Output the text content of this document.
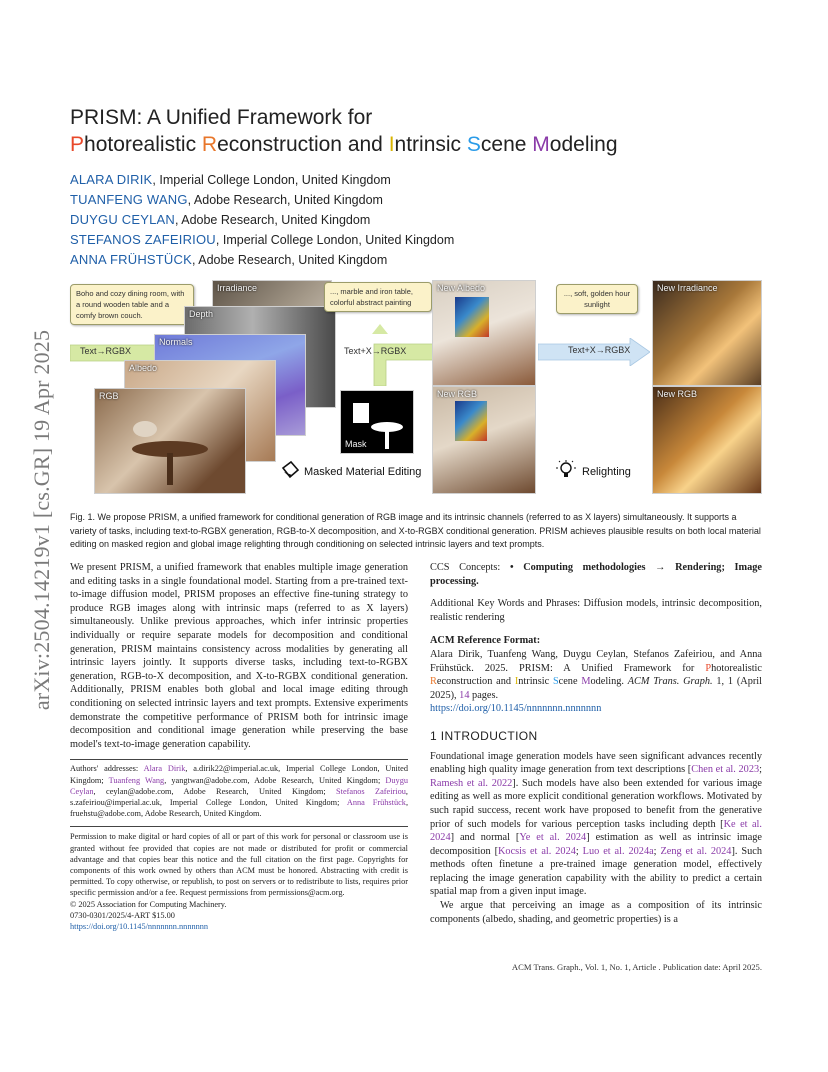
arXiv:2504.14219v1 [cs.GR] 19 Apr 2025
PRISM: A Unified Framework for
Photorealistic Reconstruction and Intrinsic Scene Modeling
ALARA DIRIK, Imperial College London, United Kingdom
TUANFENG WANG, Adobe Research, United Kingdom
DUYGU CEYLAN, Adobe Research, United Kingdom
STEFANOS ZAFEIRIOU, Imperial College London, United Kingdom
ANNA FRÜHSTÜCK, Adobe Research, United Kingdom
Boho and cozy dining room, with a round wooden table and a comfy brown couch.
Text→RGBX
Irradiance
Depth
Normals
Albedo
RGB
..., marble and iron table, colorful abstract painting
Text+X→RGBX
Mask
New Albedo
New RGB
..., soft, golden hour sunlight
Text+X→RGBX
New Irradiance
New RGB
Masked Material Editing	Relighting
Fig. 1. We propose PRISM, a unified framework for conditional generation of RGB image and its intrinsic channels (referred to as X layers) simultaneously. It supports a variety of tasks, including text-to-RGBX generation, RGB-to-X decomposition, and X-to-RGBX conditional generation. PRISM achieves plausible results on both local material editing on masked region and global image relighting through conditioning on selected intrinsic layers and text prompts.

We present PRISM, a unified framework that enables multiple image generation and editing tasks in a single foundational model. Starting from a pre-trained text-to-image diffusion model, PRISM proposes an effective fine-tuning strategy to produce RGB images along with intrinsic maps (referred to as X layers) simultaneously. Unlike previous approaches, which infer intrinsic properties individually or require separate models for decomposition and conditional generation, PRISM maintains consistency across modalities by generating all intrinsic layers jointly. It supports diverse tasks, including text-to-RGBX generation, RGB-to-X decomposition, and X-to-RGBX conditional generation. Additionally, PRISM enables both global and local image editing through conditioning on selected intrinsic layers and text prompts. Extensive experiments demonstrate the competitive performance of PRISM both for intrinsic image decomposition and conditional image generation while preserving the base model's text-to-image generation capability.

Authors' addresses: Alara Dirik, a.dirik22@imperial.ac.uk, Imperial College London, United Kingdom; Tuanfeng Wang, yangtwan@adobe.com, Adobe Research, United Kingdom; Duygu Ceylan, ceylan@adobe.com, Adobe Research, United Kingdom; Stefanos Zafeiriou, s.zafeiriou@imperial.ac.uk, Imperial College London, United Kingdom; Anna Frühstück, fruehstu@adobe.com, Adobe Research, United Kingdom.

Permission to make digital or hard copies of all or part of this work for personal or classroom use is granted without fee provided that copies are not made or distributed for profit or commercial advantage and that copies bear this notice and the full citation on the first page. Copyrights for components of this work owned by others than ACM must be honored. Abstracting with credit is permitted. To copy otherwise, or republish, to post on servers or to redistribute to lists, requires prior specific permission and/or a fee. Request permissions from permissions@acm.org.

© 2025 Association for Computing Machinery.

0730-0301/2025/4-ART $15.00

https://doi.org/10.1145/nnnnnnn.nnnnnnn

CCS Concepts: • Computing methodologies → Rendering; Image processing.

Additional Key Words and Phrases: Diffusion models, intrinsic decomposition, realistic rendering

ACM Reference Format:

Alara Dirik, Tuanfeng Wang, Duygu Ceylan, Stefanos Zafeiriou, and Anna Frühstück. 2025. PRISM: A Unified Framework for Photorealistic Reconstruction and Intrinsic Scene Modeling. ACM Trans. Graph. 1, 1 (April 2025), 14 pages.
https://doi.org/10.1145/nnnnnnn.nnnnnnn

1 INTRODUCTION

Foundational image generation models have seen significant advances recently enabling high quality image generation from text descriptions [Chen et al. 2023; Ramesh et al. 2022]. Such models have also been extended for various image editing as well as more explicit conditional generation workflows. Motivated by such rapid success, recent work have proposed to benefit from the generative prior of such models for various perception tasks including depth [Ke et al. 2024] and normal [Ye et al. 2024] estimation as well as intrinsic image decomposition [Kocsis et al. 2024; Luo et al. 2024a; Zeng et al. 2024]. Such methods often finetune a pre-trained image generation model, effectively replacing the image generation capability with the ability to predict a certain spatial map from a given input image.

We argue that perceiving an image as a composition of its intrinsic components (albedo, shading, and geometric properties) is a

ACM Trans. Graph., Vol. 1, No. 1, Article . Publication date: April 2025.
